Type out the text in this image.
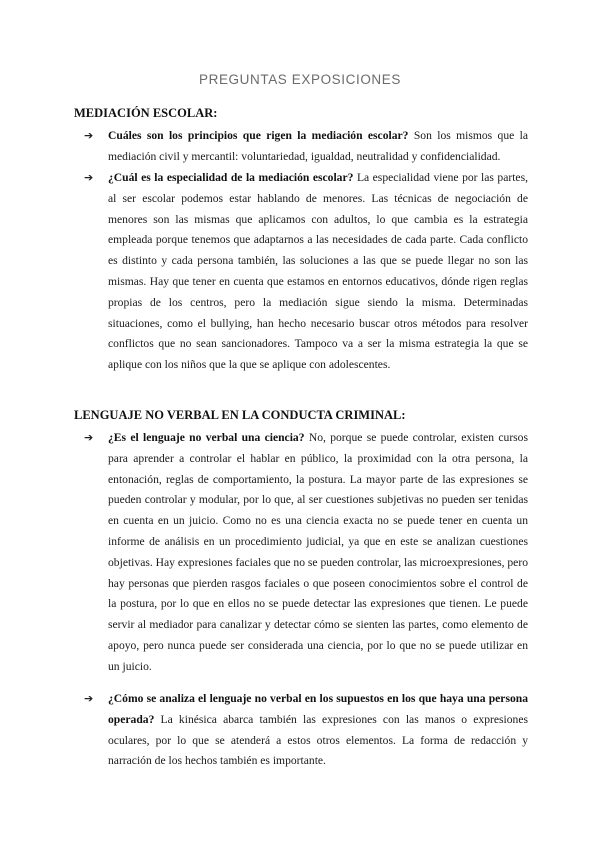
PREGUNTAS EXPOSICIONES
MEDIACIÓN ESCOLAR:
➔	Cuáles son los principios que rigen la mediación escolar? Son los mismos que la mediación civil y mercantil: voluntariedad, igualdad, neutralidad y confidencialidad.

➔	¿Cuál es la especialidad de la mediación escolar? La especialidad viene por las partes, al ser escolar podemos estar hablando de menores. Las técnicas de negociación de menores son las mismas que aplicamos con adultos, lo que cambia es la estrategia empleada porque tenemos que adaptarnos a las necesidades de cada parte. Cada conflicto es distinto y cada persona también, las soluciones a las que se puede llegar no son las mismas. Hay que tener en cuenta que estamos en entornos educativos, dónde rigen reglas propias de los centros, pero la mediación sigue siendo la misma. Determinadas situaciones, como el bullying, han hecho necesario buscar otros métodos para resolver conflictos que no sean sancionadores. Tampoco va a ser la misma estrategia la que se aplique con los niños que la que se aplique con adolescentes.

LENGUAJE NO VERBAL EN LA CONDUCTA CRIMINAL:
➔	¿Es el lenguaje no verbal una ciencia? No, porque se puede controlar, existen cursos para aprender a controlar el hablar en público, la proximidad con la otra persona, la entonación, reglas de comportamiento, la postura. La mayor parte de las expresiones se pueden controlar y modular, por lo que, al ser cuestiones subjetivas no pueden ser tenidas en cuenta en un juicio. Como no es una ciencia exacta no se puede tener en cuenta un informe de análisis en un procedimiento judicial, ya que en este se analizan cuestiones objetivas. Hay expresiones faciales que no se pueden controlar, las microexpresiones, pero hay personas que pierden rasgos faciales o que poseen conocimientos sobre el control de la postura, por lo que en ellos no se puede detectar las expresiones que tienen. Le puede servir al mediador para canalizar y detectar cómo se sienten las partes, como elemento de apoyo, pero nunca puede ser considerada una ciencia, por lo que no se puede utilizar en un juicio.

➔	¿Cómo se analiza el lenguaje no verbal en los supuestos en los que haya una persona operada? La kinésica abarca también las expresiones con las manos o expresiones oculares, por lo que se atenderá a estos otros elementos. La forma de redacción y narración de los hechos también es importante.
